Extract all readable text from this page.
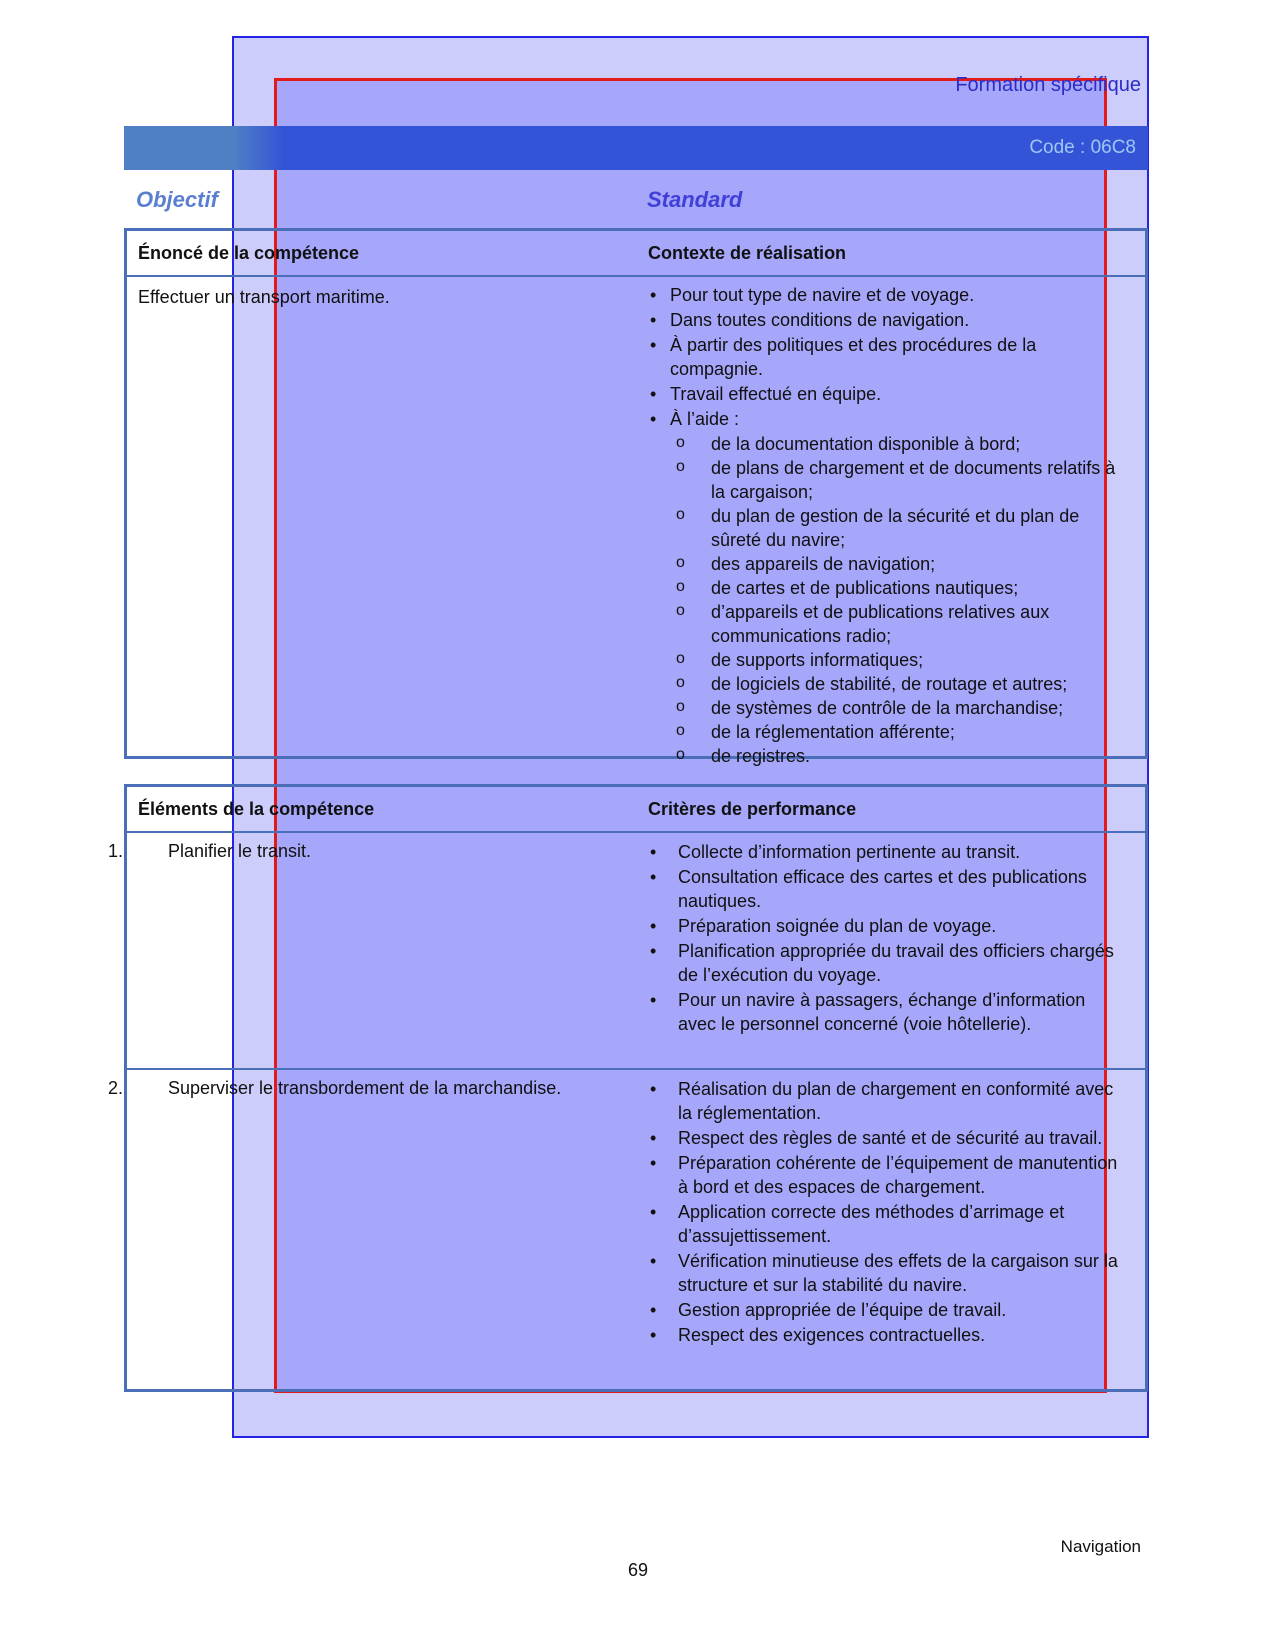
Formation spécifique
Code : 06C8
Objectif	Standard
Énoncé de la compétence	Contexte de réalisation
Effectuer un transport maritime.	• Pour tout type de navire et de voyage.
• Dans toutes conditions de navigation.
• À partir des politiques et des procédures de la compagnie.
• Travail effectué en équipe.
• À l’aide :
o de la documentation disponible à bord;
o de plans de chargement et de documents relatifs à la cargaison;
o du plan de gestion de la sécurité et du plan de sûreté du navire;
o des appareils de navigation;
o de cartes et de publications nautiques;
o d’appareils et de publications relatives aux communications radio;
o de supports informatiques;
o de logiciels de stabilité, de routage et autres;
o de systèmes de contrôle de la marchandise;
o de la réglementation afférente;
o de registres.
Éléments de la compétence	Critères de performance
1. Planifier le transit.	• Collecte d’information pertinente au transit.
• Consultation efficace des cartes et des publications nautiques.
• Préparation soignée du plan de voyage.
• Planification appropriée du travail des officiers chargés de l’exécution du voyage.
• Pour un navire à passagers, échange d’information avec le personnel concerné (voie hôtellerie).
2. Superviser le transbordement de la marchandise.	• Réalisation du plan de chargement en conformité avec la réglementation.
• Respect des règles de santé et de sécurité au travail.
• Préparation cohérente de l’équipement de manutention à bord et des espaces de chargement.
• Application correcte des méthodes d’arrimage et d’assujettissement.
• Vérification minutieuse des effets de la cargaison sur la structure et sur la stabilité du navire.
• Gestion appropriée de l’équipe de travail.
• Respect des exigences contractuelles.
Navigation
69
